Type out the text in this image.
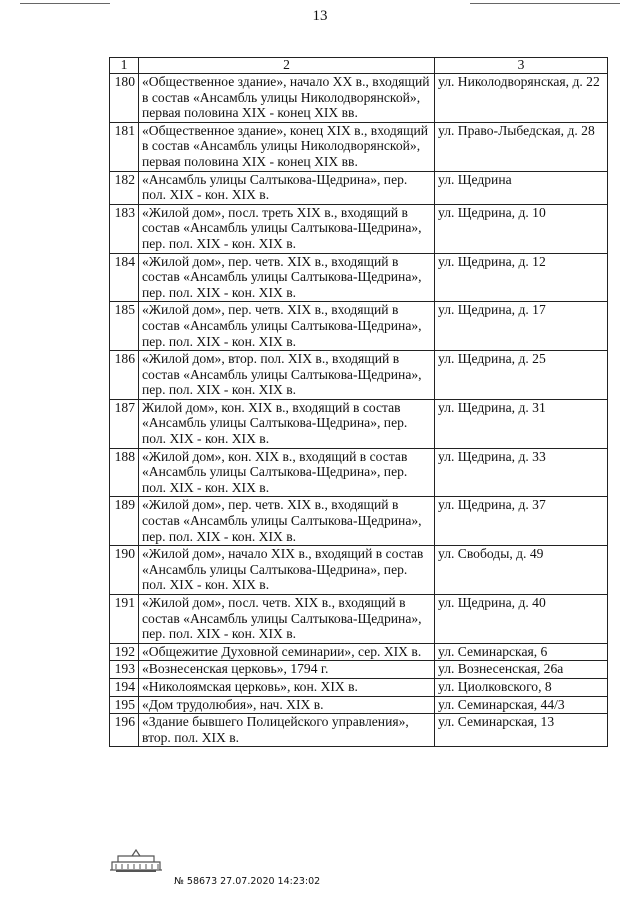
13
1	2	3
180	«Общественное здание», начало XX в., входящий в состав «Ансамбль улицы Николодворянской», первая половина XIX - конец XIX вв.	ул. Николодворянская, д. 22
181	«Общественное здание», конец XIX в., входящий в состав «Ансамбль улицы Николодворянской», первая половина XIX - конец XIX вв.	ул. Право-Лыбедская, д. 28
182	«Ансамбль улицы Салтыкова-Щедрина», пер. пол. XIX - кон. XIX в.	ул. Щедрина
183	«Жилой дом», посл. треть XIX в., входящий в состав «Ансамбль улицы Салтыкова-Щедрина», пер. пол. XIX - кон. XIX в.	ул. Щедрина, д. 10
184	«Жилой дом», пер. четв. XIX в., входящий в состав «Ансамбль улицы Салтыкова-Щедрина», пер. пол. XIX - кон. XIX в.	ул. Щедрина, д. 12
185	«Жилой дом», пер. четв. XIX в., входящий в состав «Ансамбль улицы Салтыкова-Щедрина», пер. пол. XIX - кон. XIX в.	ул. Щедрина, д. 17
186	«Жилой дом», втор. пол. XIX в., входящий в состав «Ансамбль улицы Салтыкова-Щедрина», пер. пол. XIX - кон. XIX в.	ул. Щедрина, д. 25
187	Жилой дом», кон. XIX в., входящий в состав «Ансамбль улицы Салтыкова-Щедрина», пер. пол. XIX - кон. XIX в.	ул. Щедрина, д. 31
188	«Жилой дом», кон. XIX в., входящий в состав «Ансамбль улицы Салтыкова-Щедрина», пер. пол. XIX - кон. XIX в.	ул. Щедрина, д. 33
189	«Жилой дом», пер. четв. XIX в., входящий в состав «Ансамбль улицы Салтыкова-Щедрина», пер. пол. XIX - кон. XIX в.	ул. Щедрина, д. 37
190	«Жилой дом», начало XIX в., входящий в состав «Ансамбль улицы Салтыкова-Щедрина», пер. пол. XIX - кон. XIX в.	ул. Свободы, д. 49
191	«Жилой дом», посл. четв. XIX в., входящий в состав «Ансамбль улицы Салтыкова-Щедрина», пер. пол. XIX - кон. XIX в.	ул. Щедрина, д. 40
192	«Общежитие Духовной семинарии», сер. XIX в.	ул. Семинарская, 6
193	«Вознесенская церковь», 1794 г.	ул. Вознесенская, 26а
194	«Николоямская церковь», кон. XIX в.	ул. Циолковского, 8
195	«Дом трудолюбия», нач. XIX в.	ул. Семинарская, 44/3
196	«Здание бывшего Полицейского управления», втор. пол. XIX в.	ул. Семинарская, 13
№ 58673 27.07.2020 14:23:02
